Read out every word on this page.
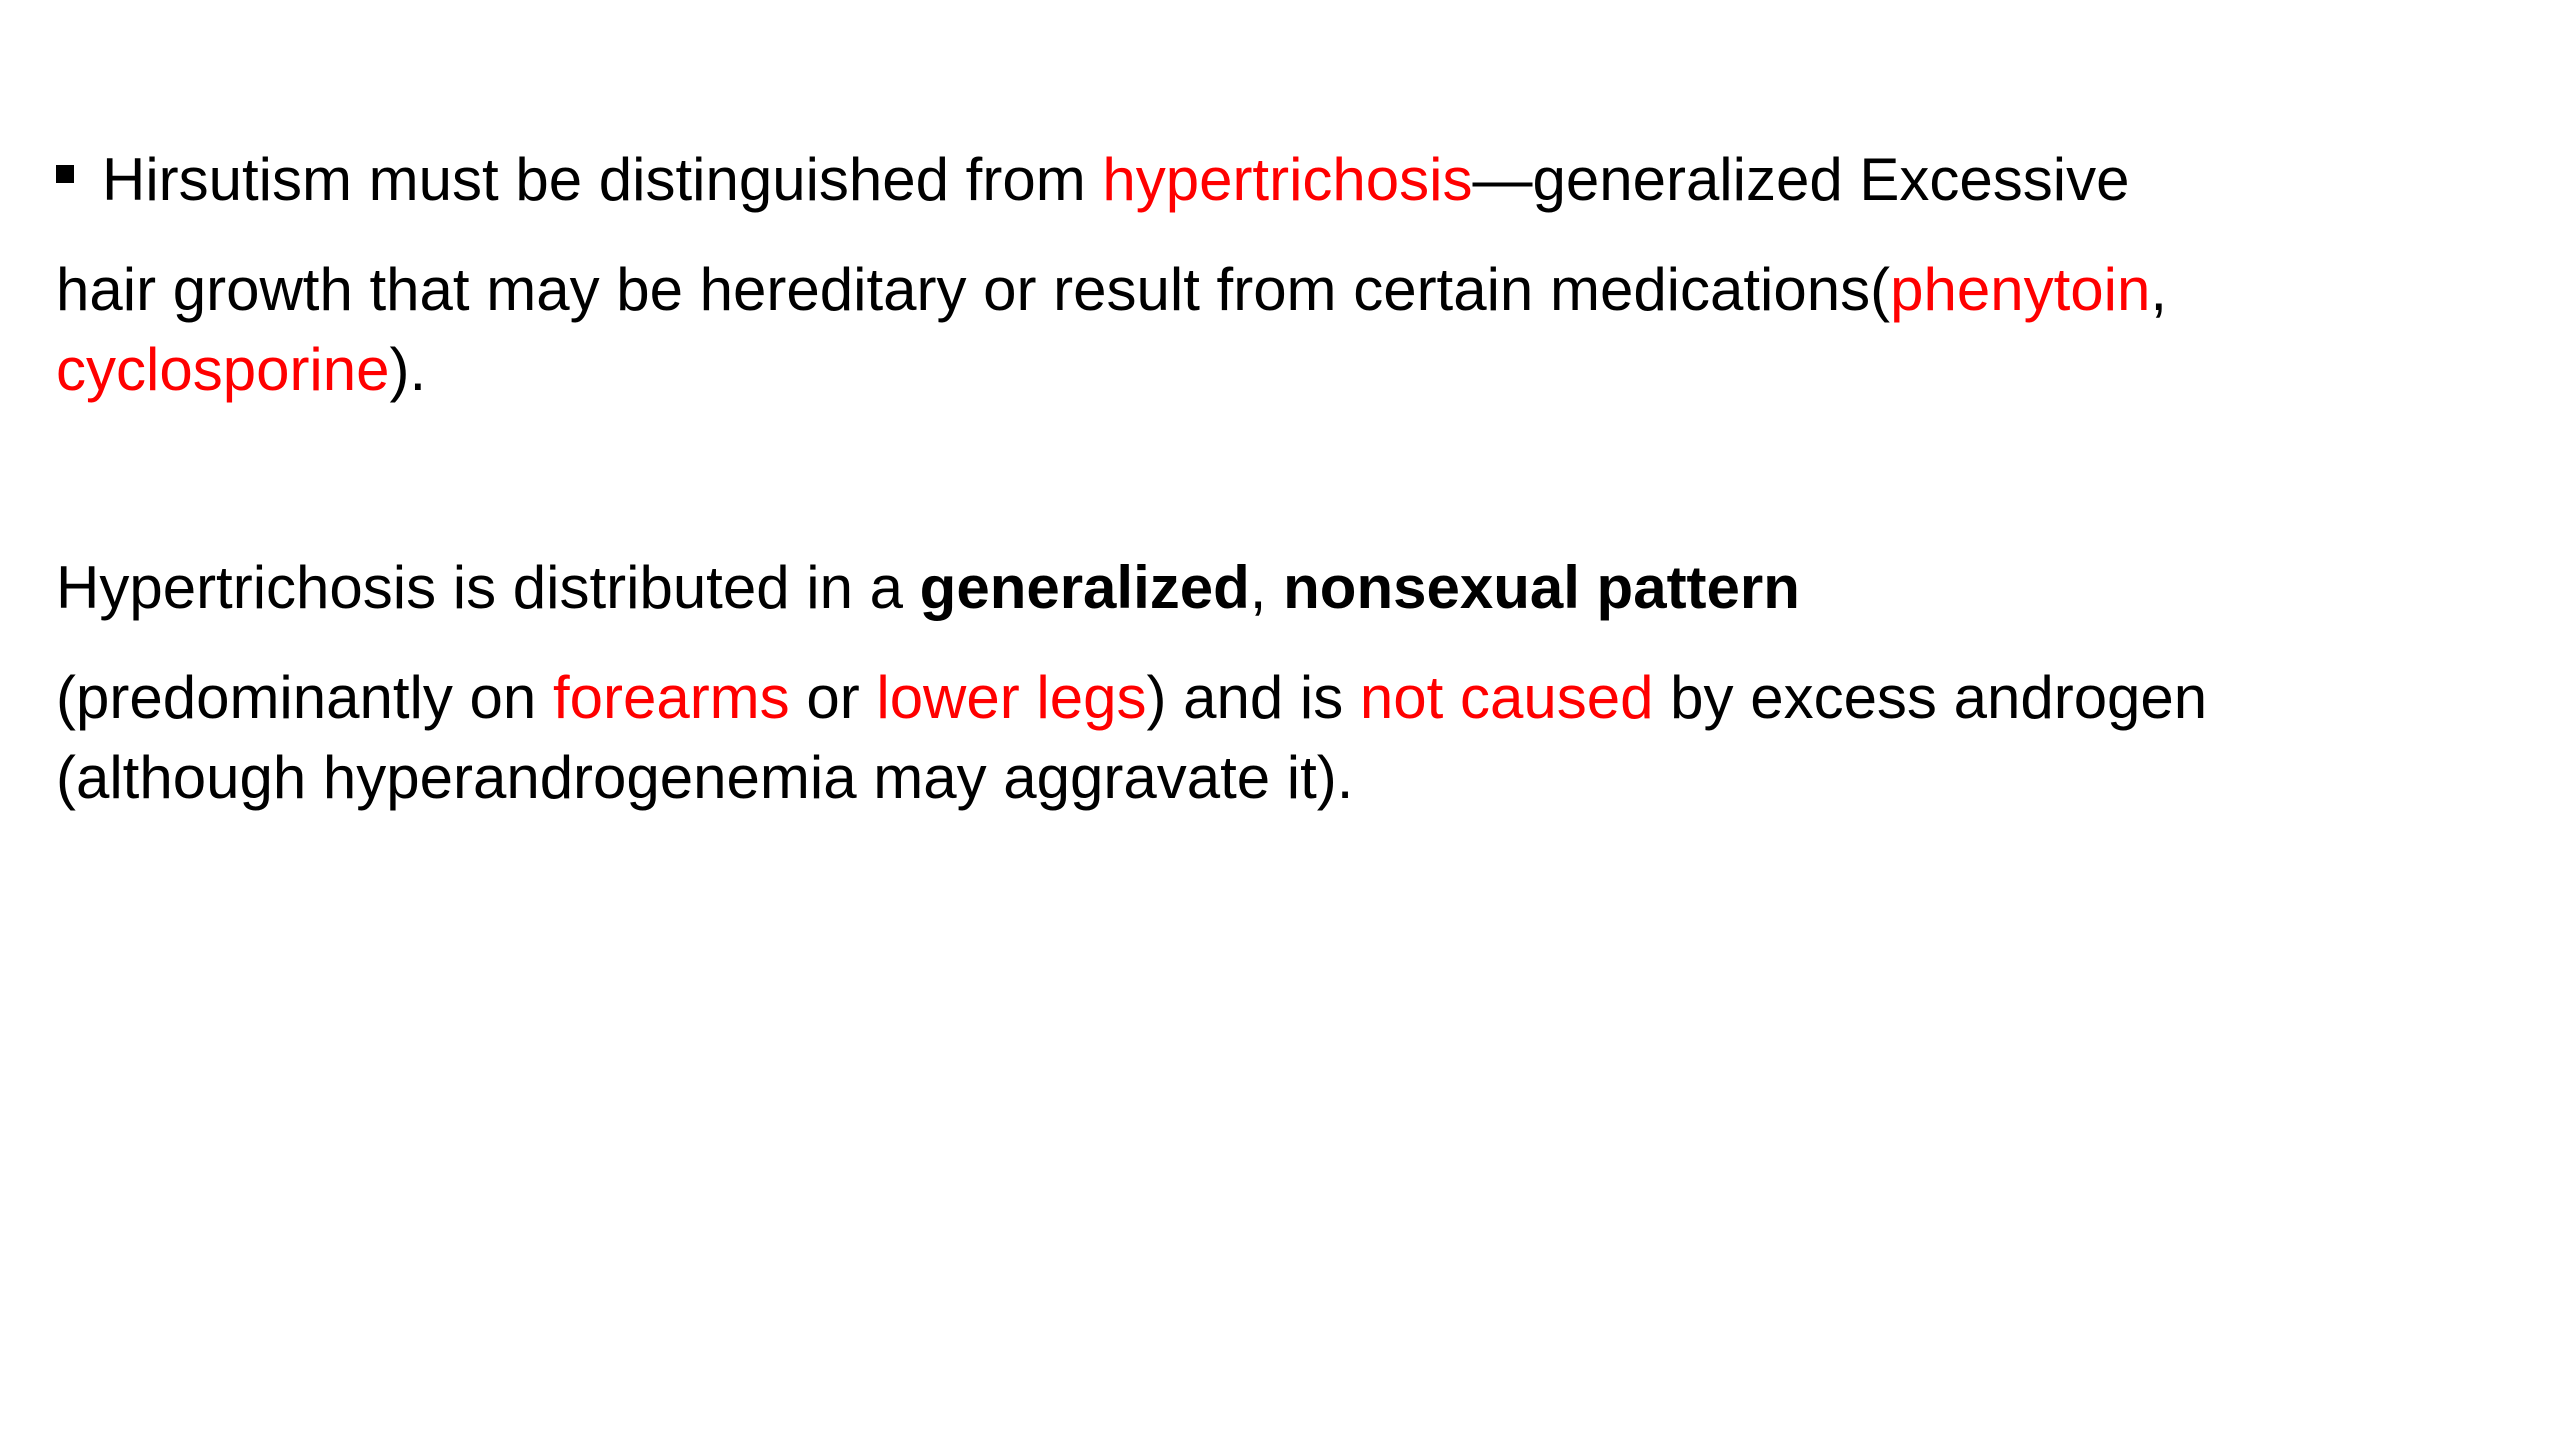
Hirsutism must be distinguished from hypertrichosis—generalized Excessive
hair growth that may be hereditary or result from certain medications(phenytoin,
cyclosporine).
Hypertrichosis is distributed in a generalized, nonsexual pattern
(predominantly on forearms or lower legs) and is not caused by excess androgen
(although hyperandrogenemia may aggravate it).
